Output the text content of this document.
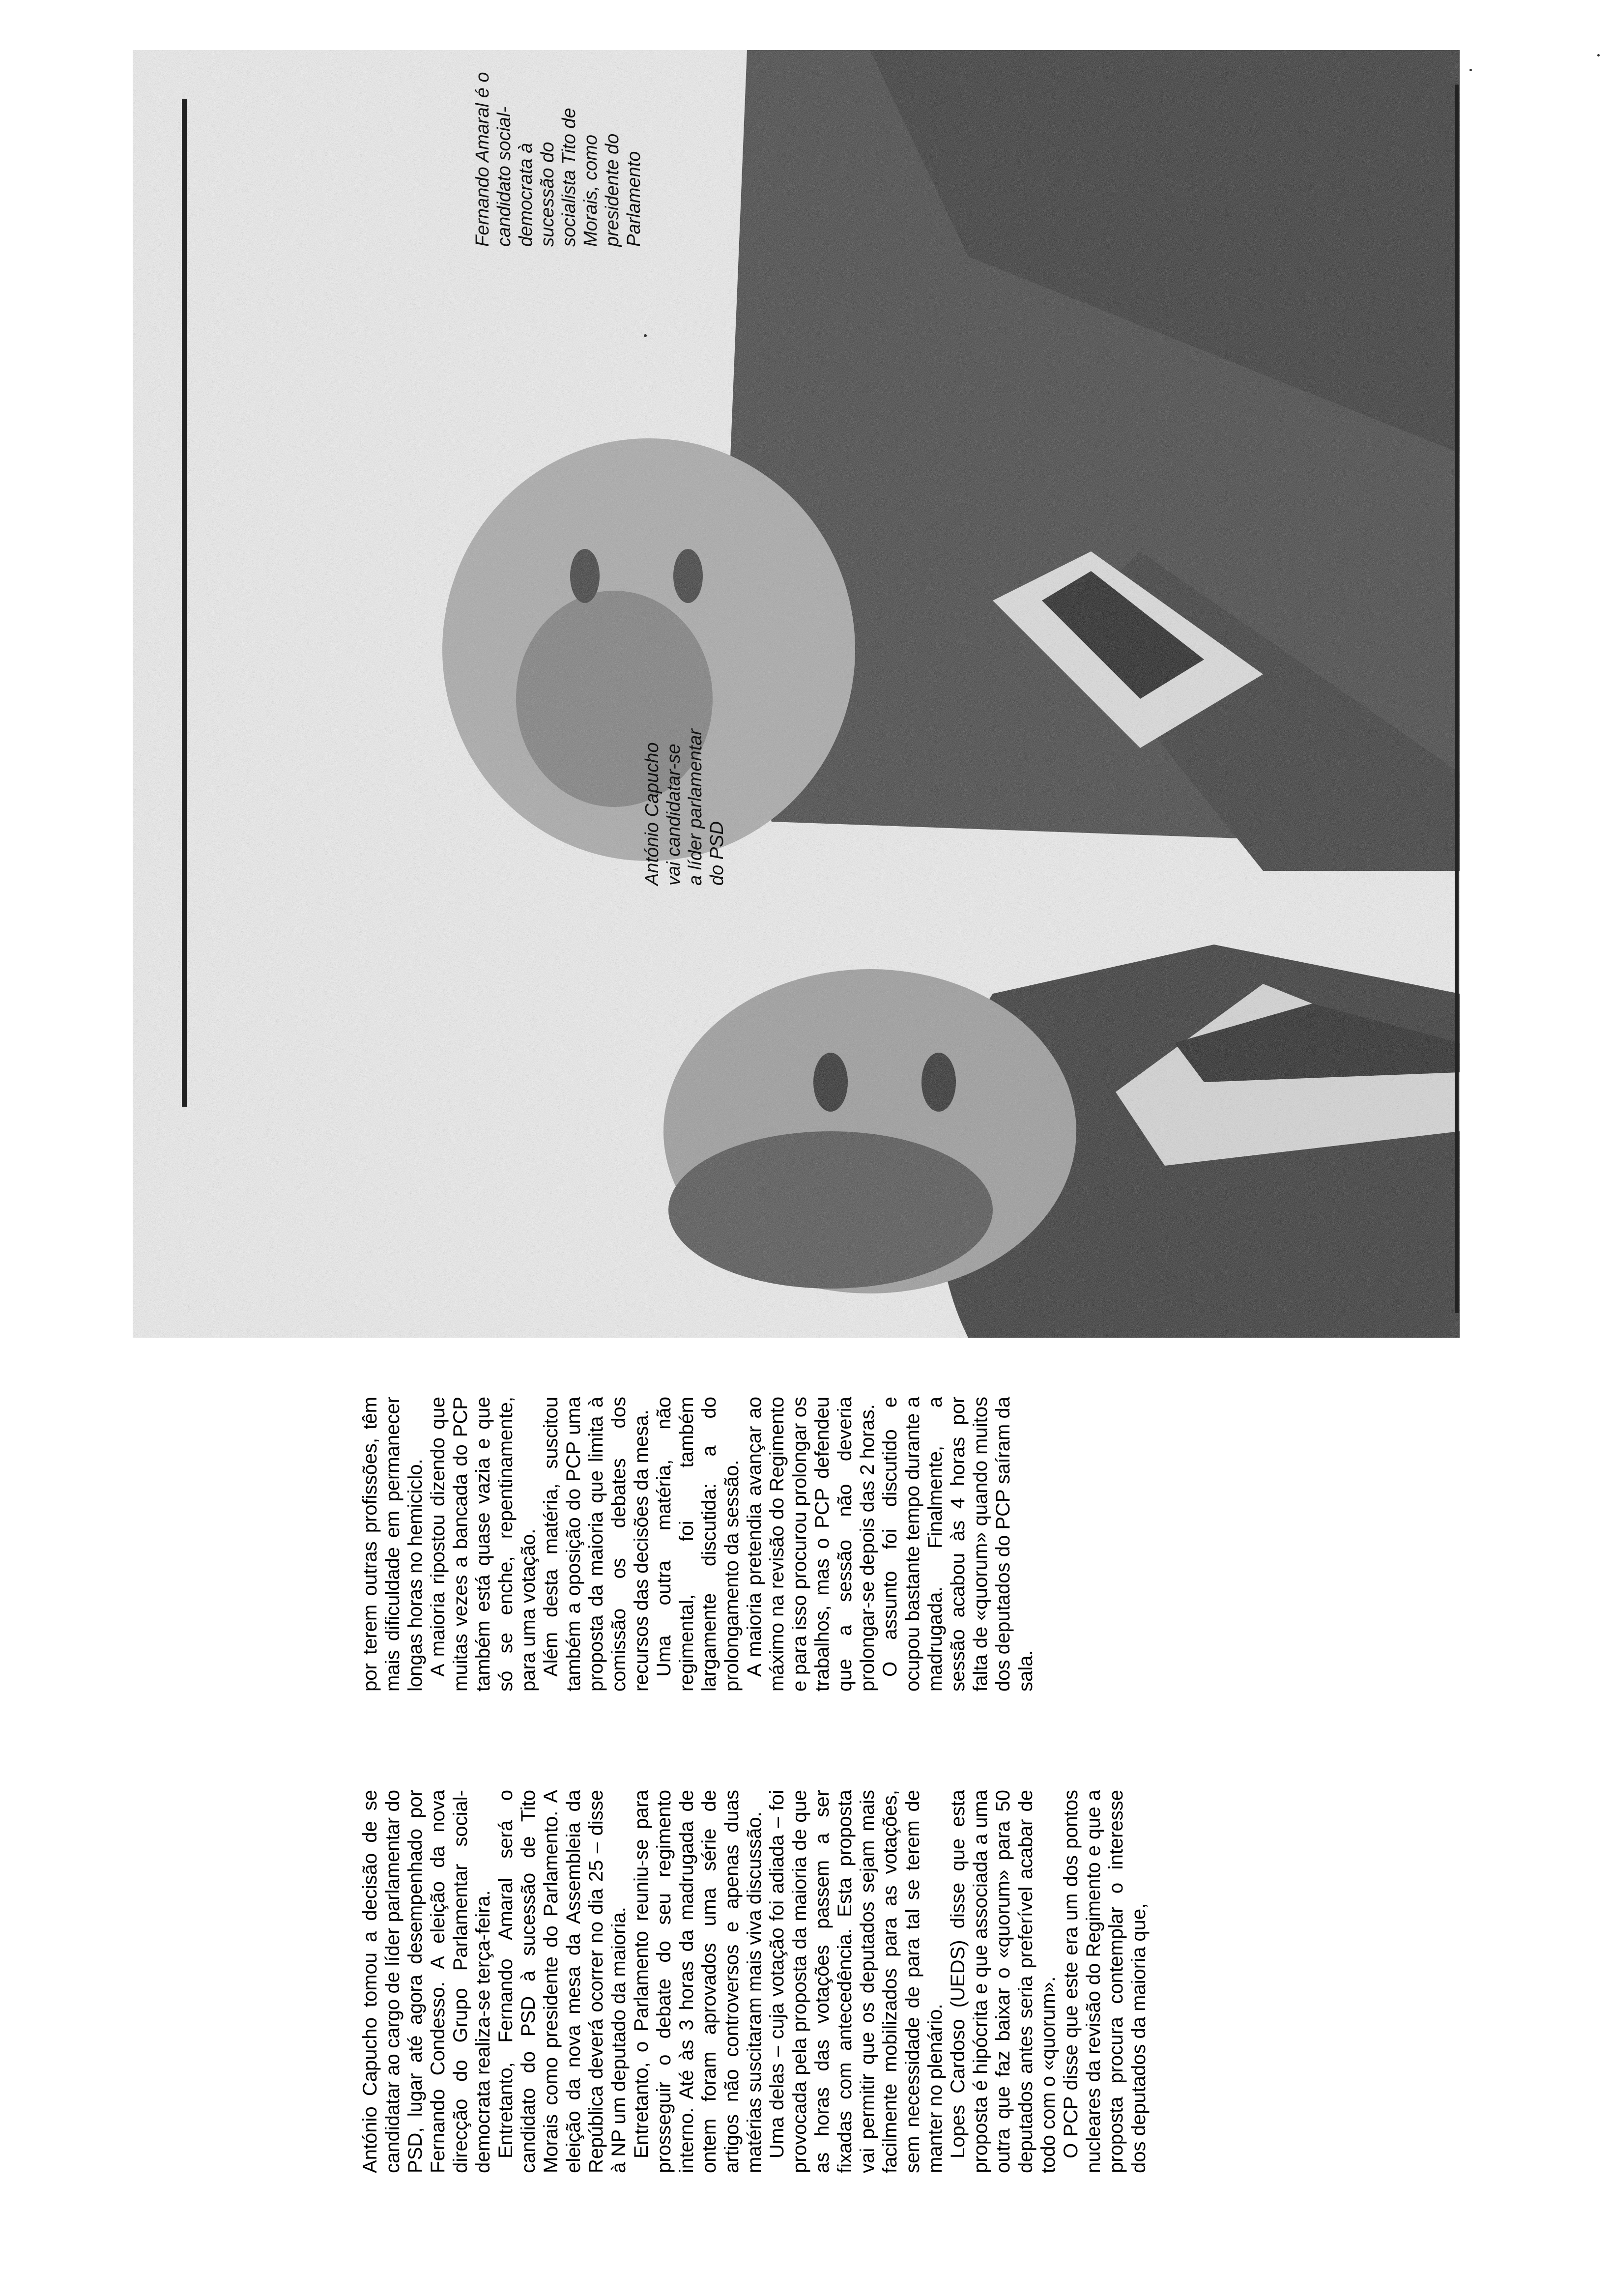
António Capucho tomou a decisão de se candidatar ao cargo de líder parlamentar do PSD, lugar até agora desempenhado por Fernando Condesso. A eleição da nova direcção do Grupo Parlamentar social-democrata realiza-se terça-feira. Entretanto, Fernando Amaral será o candidato do PSD à sucessão de Tito Morais como presidente do Parlamento. A eleição da nova mesa da Assembleia da República deverá ocorrer no dia 25 – disse à NP um deputado da maioria. Entretanto, o Parlamento reuniu-se para prosseguir o debate do seu regimento interno. Até às 3 horas da madrugada de ontem foram aprovados uma série de artigos não controversos e apenas duas matérias suscitaram mais viva discussão. Uma delas – cuja votação foi adiada – foi provocada pela proposta da maioria de que as horas das votações passem a ser fixadas com antecedência. Esta proposta vai permitir que os deputados sejam mais facilmente mobilizados para as votações, sem necessidade de para tal se terem de manter no plenário. Lopes Cardoso (UEDS) disse que esta proposta é hipócrita e que associada a uma outra que faz baixar o «quorum» para 50 deputados antes seria preferível acabar de todo com o «quorum». O PCP disse que este era um dos pontos nucleares da revisão do Regimento e que a proposta procura contemplar o interesse dos deputados da maioria que,

por terem outras profissões, têm mais dificuldade em permanecer longas horas no hemiciclo. A maioria ripostou dizendo que muitas vezes a bancada do PCP também está quase vazia e que só se enche, repentinamente, para uma votação. Além desta matéria, suscitou também a oposição do PCP uma proposta da maioria que limita à comissão os debates dos recursos das decisões da mesa. Uma outra matéria, não regimental, foi também largamente discutida: a do prolongamento da sessão. A maioria pretendia avançar ao máximo na revisão do Regimento e para isso procurou prolongar os trabalhos, mas o PCP defendeu que a sessão não deveria prolongar-se depois das 2 horas. O assunto foi discutido e ocupou bastante tempo durante a madrugada. Finalmente, a sessão acabou às 4 horas por falta de «quorum» quando muitos dos deputados do PCP saíram da sala.

António Capucho vai candidatar-se a líder parlamentar do PSD
Fernando Amaral é o candidato social-democrata à sucessão do socialista Tito de Morais, como presidente do Parlamento
